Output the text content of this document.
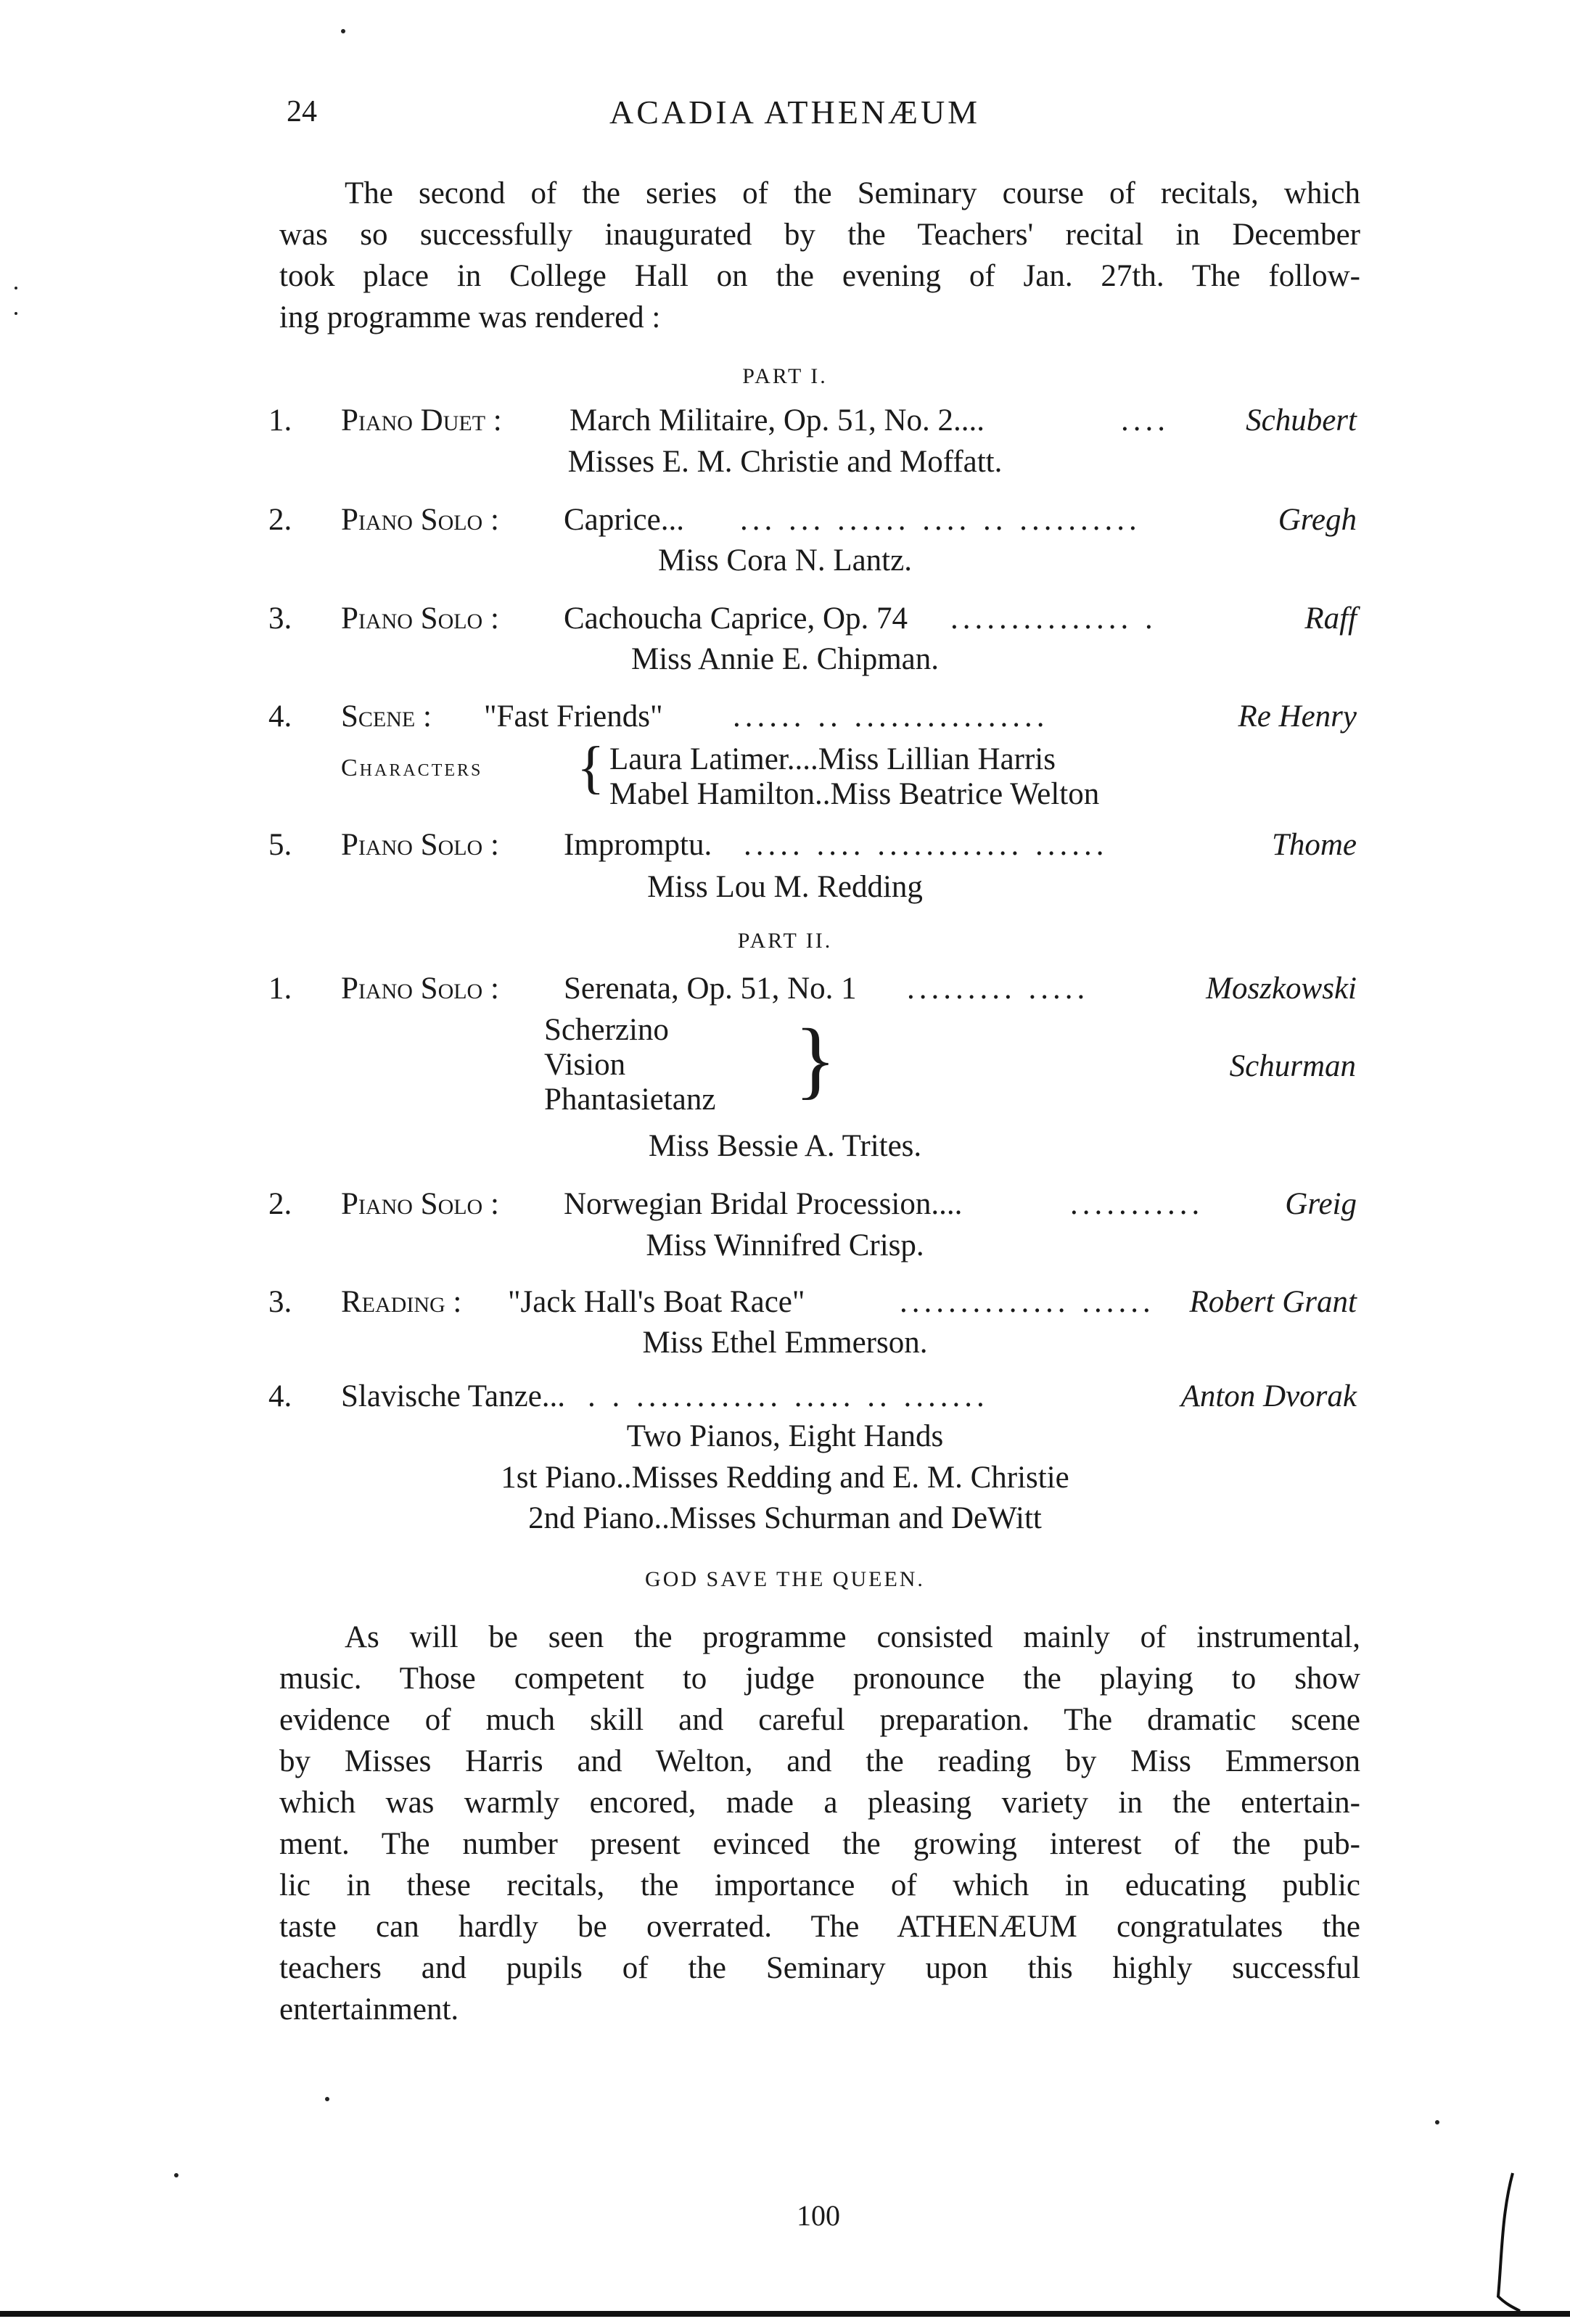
24	ACADIA ATHENÆUM
The second of the series of the Seminary course of recitals, which
was so successfully inaugurated by the Teachers' recital in December
took place in College Hall on the evening of Jan. 27th. The follow-
ing programme was rendered :
PART I.
1. Piano Duet : March Militaire, Op. 51, No. 2....	.... Schubert
Misses E. M. Christie and Moffatt.
2. Piano Solo : Caprice... ... ... ...... .... .. ..........	Gregh
Miss Cora N. Lantz.
3. Piano Solo : Cachoucha Caprice, Op. 74 ............... .	Raff
Miss Annie E. Chipman.
4. Scene : "Fast Friends" ...... .. ................	Re Henry
Characters { Laura Latimer....Miss Lillian Harris
Mabel Hamilton..Miss Beatrice Welton
5. Piano Solo : Impromptu. ..... .... ............ ......	Thome
Miss Lou M. Redding
PART II.
1. Piano Solo : Serenata, Op. 51, No. 1 ......... .....	Moszkowski
Scherzino
Vision
Phantasietanz }	Schurman
Miss Bessie A. Trites.
2. Piano Solo : Norwegian Bridal Procession....	...........	Greig
Miss Winnifred Crisp.
3. Reading : "Jack Hall's Boat Race"	.............. ...... Robert Grant
Miss Ethel Emmerson.
4. Slavische Tanze... . . ............ ..... .. .......	Anton Dvorak
Two Pianos, Eight Hands
1st Piano..Misses Redding and E. M. Christie
2nd Piano..Misses Schurman and DeWitt
GOD SAVE THE QUEEN.
As will be seen the programme consisted mainly of instrumental,
music. Those competent to judge pronounce the playing to show
evidence of much skill and careful preparation. The dramatic scene
by Misses Harris and Welton, and the reading by Miss Emmerson
which was warmly encored, made a pleasing variety in the entertain-
ment. The number present evinced the growing interest of the pub-
lic in these recitals, the importance of which in educating public
taste can hardly be overrated. The ATHENÆUM congratulates the
teachers and pupils of the Seminary upon this highly successful
entertainment.
100
